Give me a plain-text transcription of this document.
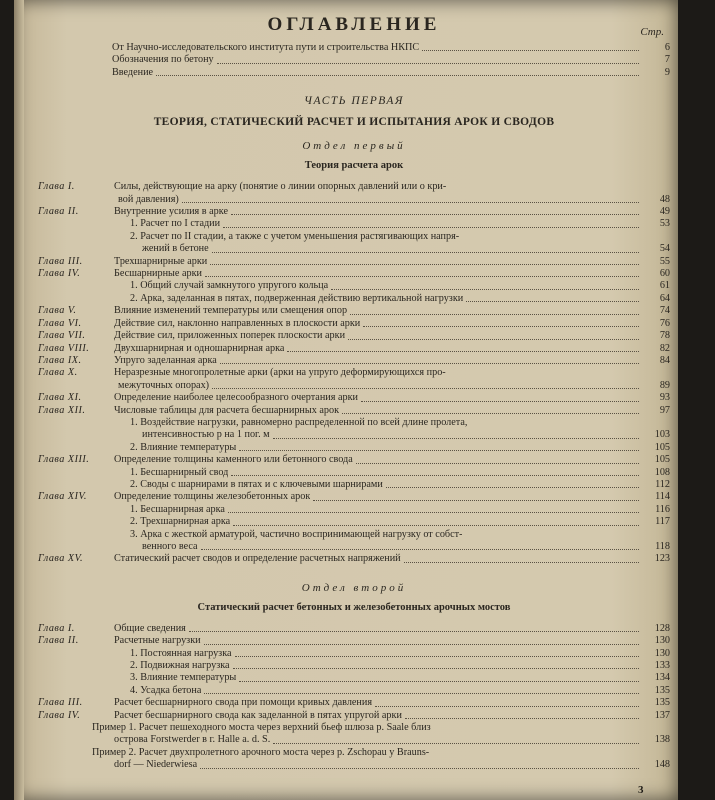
Стр.
ОГЛАВЛЕНИЕ
От Научно-исследовательского института пути и строительства НКПС	6
Обозначения по бетону	7
Введение	9
ЧАСТЬ ПЕРВАЯ
ТЕОРИЯ, СТАТИЧЕСКИЙ РАСЧЕТ И ИСПЫТАНИЯ АРОК И СВОДОВ
Отдел первый
Теория расчета арок
Глава I.	Силы, действующие на арку (понятие о линии опорных давлений или о кри-
вой давления)	48
Глава II.	Внутренние усилия в арке	49
1. Расчет по I стадии	53
2. Расчет по II стадии, а также с учетом уменьшения растягивающих напря-
жений в бетоне	54
Глава III.	Трехшарнирные арки	55
Глава IV.	Бесшарнирные арки	60
1. Общий случай замкнутого упругого кольца	61
2. Арка, заделанная в пятах, подверженная действию вертикальной нагрузки	64
Глава V.	Влияние изменений температуры или смещения опор	74
Глава VI.	Действие сил, наклонно направленных в плоскости арки	76
Глава VII.	Действие сил, приложенных поперек плоскости арки	78
Глава VIII.	Двухшарнирная и одношарнирная арка	82
Глава IX.	Упруго заделанная арка	84
Глава X.	Неразрезные многопролетные арки (арки на упруго деформирующихся про-
межуточных опорах)	89
Глава XI.	Определение наиболее целесообразного очертания арки	93
Глава XII.	Числовые таблицы для расчета бесшарнирных арок	97
1. Воздействие нагрузки, равномерно распределенной по всей длине пролета,
интенсивностью p на 1 пог. м	103
2. Влияние температуры	105
Глава XIII.	Определение толщины каменного или бетонного свода	105
1. Бесшарнирный свод	108
2. Своды с шарнирами в пятах и с ключевыми шарнирами	112
Глава XIV.	Определение толщины железобетонных арок	114
1. Бесшарнирная арка	116
2. Трехшарнирная арка	117
3. Арка с жесткой арматурой, частично воспринимающей нагрузку от собст-
венного веса	118
Глава XV.	Статический расчет сводов и определение расчетных напряжений	123
Отдел второй
Статический расчет бетонных и железобетонных арочных мостов
Глава I.	Общие сведения	128
Глава II.	Расчетные нагрузки	130
1. Постоянная нагрузка	130
2. Подвижная нагрузка	133
3. Влияние температуры	134
4. Усадка бетона	135
Глава III.	Расчет бесшарнирного свода при помощи кривых давления	135
Глава IV.	Расчет бесшарнирного свода как заделанной в пятах упругой арки	137
Пример 1. Расчет пешеходного моста через верхний бьеф шлюза р. Saale близ
острова Forstwerder в г. Halle a. d. S.	138
Пример 2. Расчет двухпролетного арочного моста через р. Zschopau у Braunѕ-
dorf — Niederwiesa	148
3
